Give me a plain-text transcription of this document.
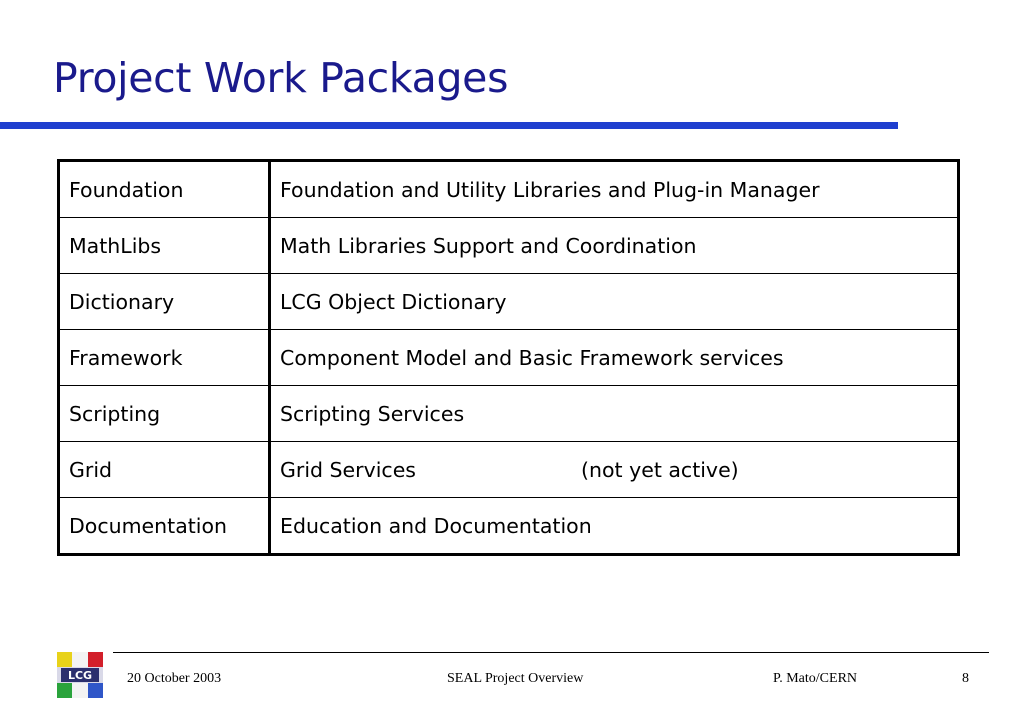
Project Work Packages
Foundation	Foundation and Utility Libraries and Plug-in Manager
MathLibs	Math Libraries Support and Coordination
Dictionary	LCG Object Dictionary
Framework	Component Model and Basic Framework services
Scripting	Scripting Services
Grid	Grid Services (not yet active)
Documentation	Education and Documentation
LCG 20 October 2003	SEAL Project Overview	P. Mato/CERN	8
